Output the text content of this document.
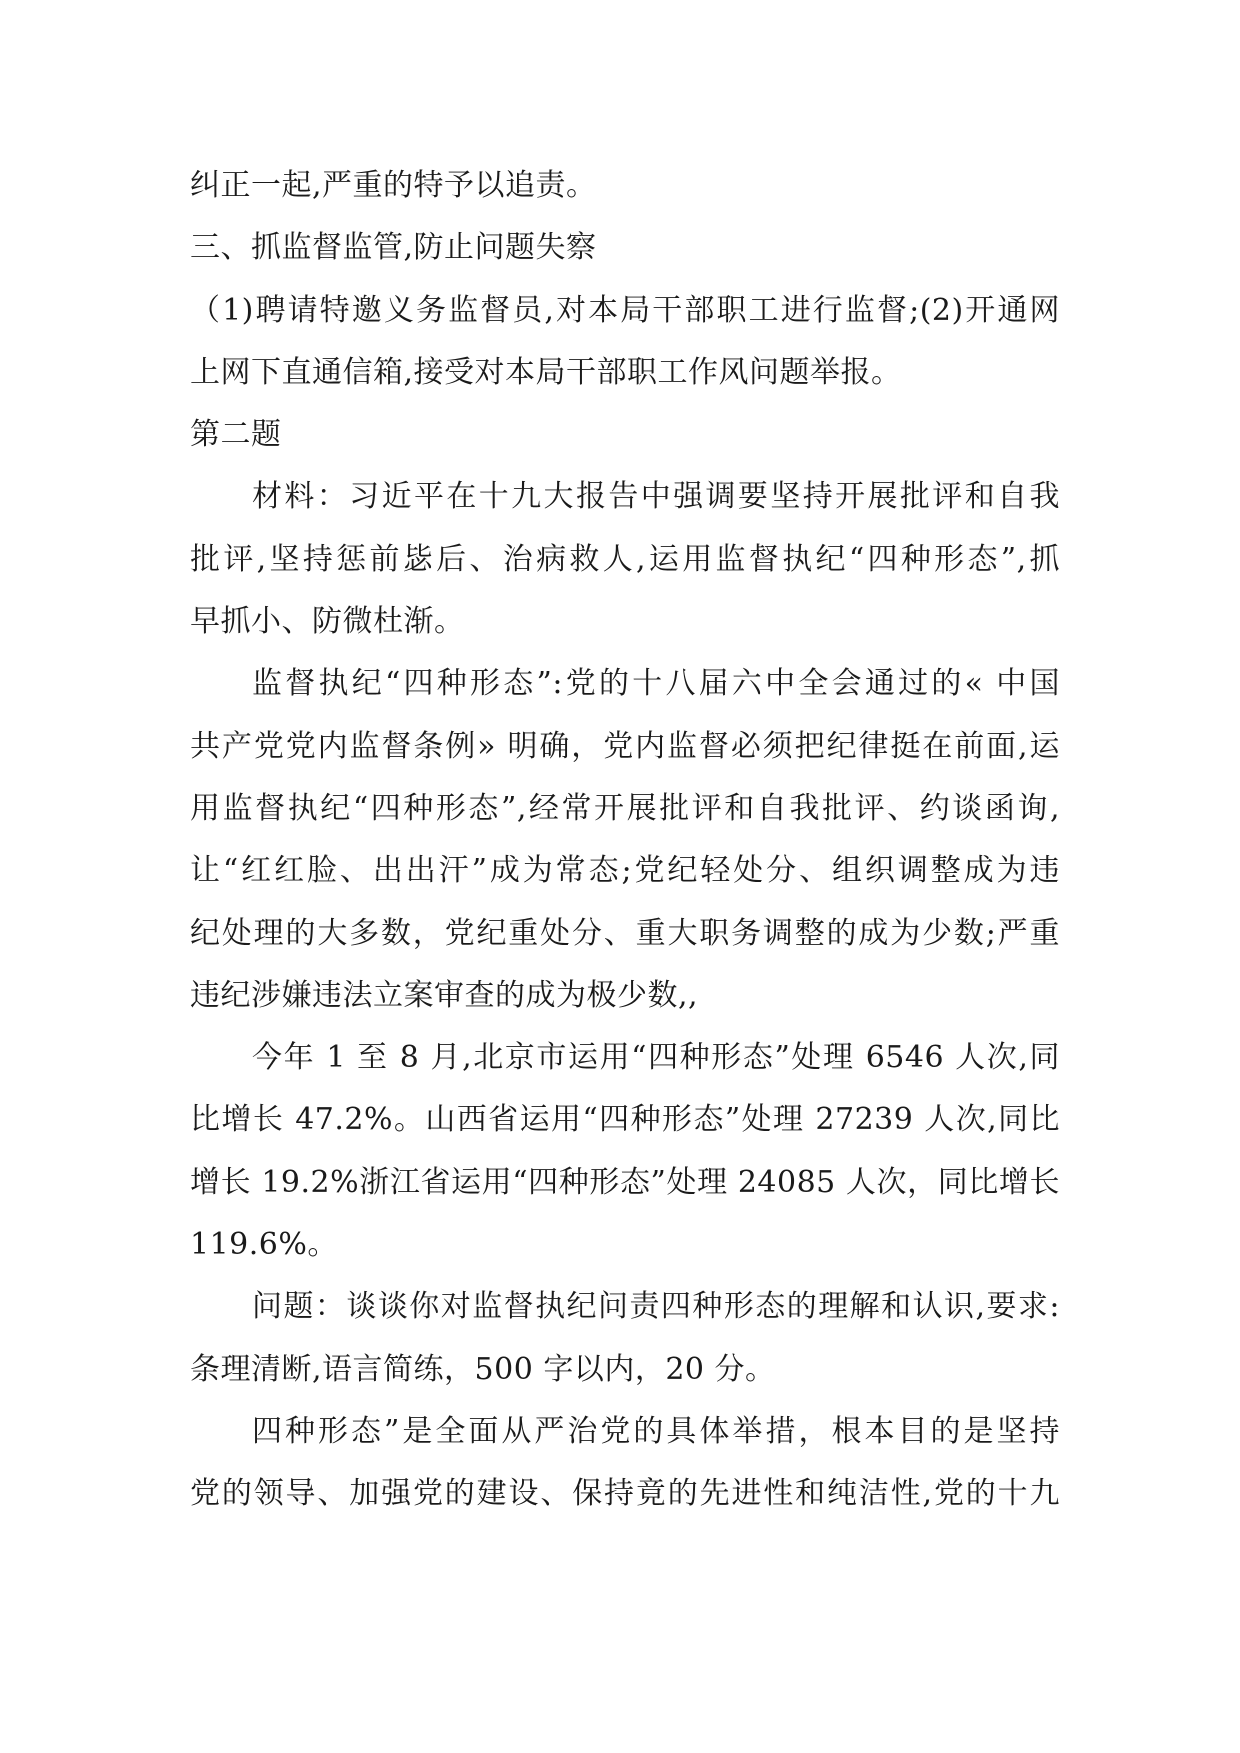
纠正一起,严重的特予以追责。
三、抓监督监管,防止问题失察
（1)聘请特邀义务监督员,对本局干部职工进行监督;(2)开通网
上网下直通信箱,接受对本局干部职工作风问题举报。
第二题
材料：习近平在十九大报告中强调要坚持开展批评和自我
批评,坚持惩前毖后、治病救人,运用监督执纪“四种形态”,抓
早抓小、防微杜渐。
监督执纪“四种形态”:党的十八届六中全会通过的« 中国
共产党党内监督条例» 明确，党内监督必须把纪律挺在前面,运
用监督执纪“四种形态”,经常开展批评和自我批评、约谈函询,
让“红红脸、出出汗”成为常态;党纪轻处分、组织调整成为违
纪处理的大多数，党纪重处分、重大职务调整的成为少数;严重
违纪涉嫌违法立案审查的成为极少数,,
今年 1 至 8 月,北京市运用“四种形态”处理 6546 人次,同
比增长 47.2%。山西省运用“四种形态”处理 27239 人次,同比
增长 19.2%浙江省运用“四种形态”处理 24085 人次，同比增长
119.6%。
问题：谈谈你对监督执纪问责四种形态的理解和认识,要求:
条理清断,语言简练，500 字以内，20 分。
四种形态”是全面从严治党的具体举措，根本目的是坚持
党的领导、加强党的建设、保持竟的先进性和纯洁性,党的十九
